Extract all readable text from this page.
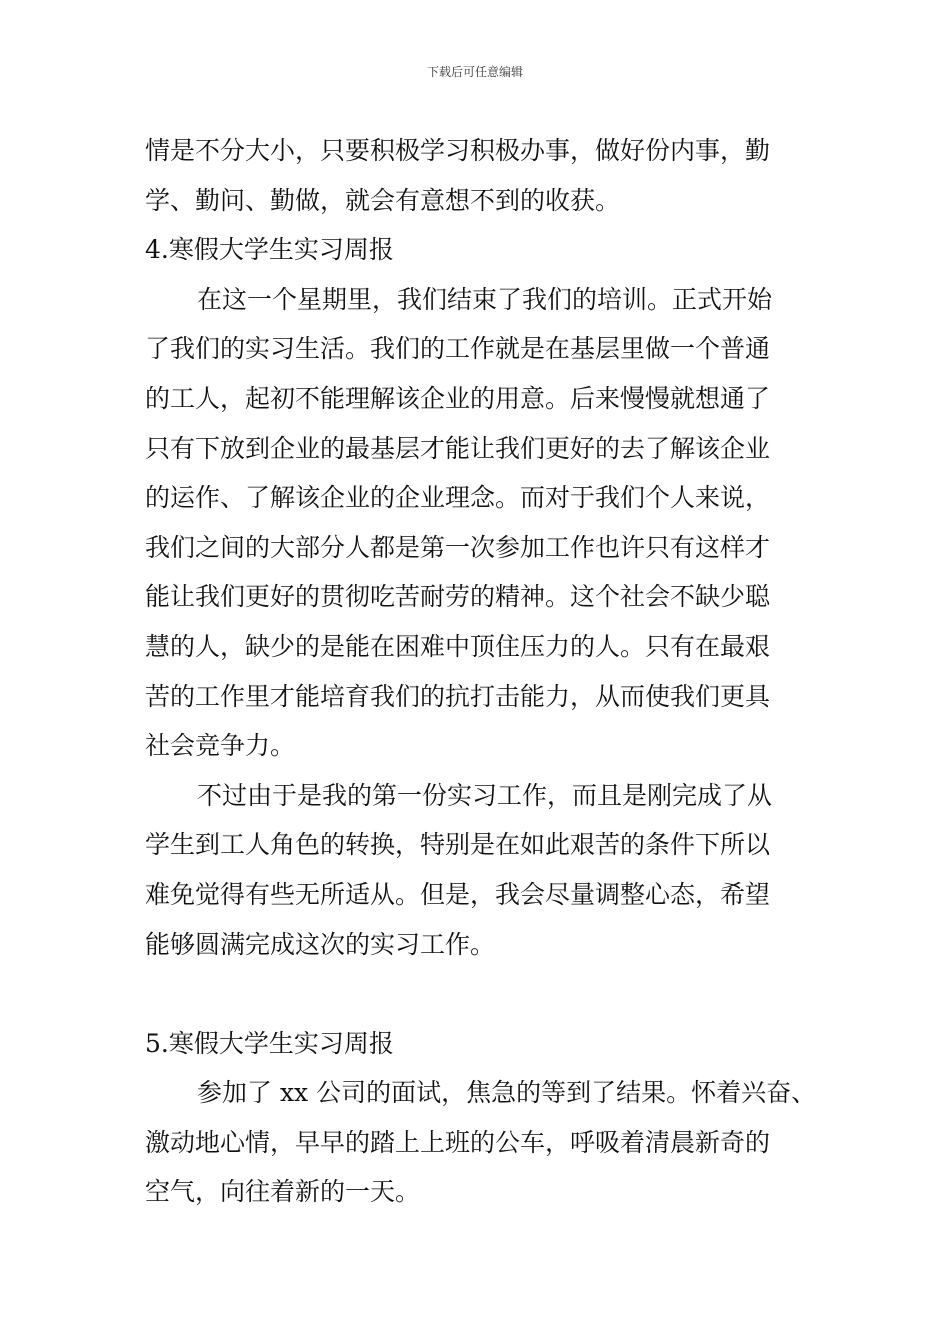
下载后可任意编辑
情是不分大小，只要积极学习积极办事，做好份内事，勤
学、勤问、勤做，就会有意想不到的收获。
4.寒假大学生实习周报
在这一个星期里，我们结束了我们的培训。正式开始
了我们的实习生活。我们的工作就是在基层里做一个普通
的工人，起初不能理解该企业的用意。后来慢慢就想通了
只有下放到企业的最基层才能让我们更好的去了解该企业
的运作、了解该企业的企业理念。而对于我们个人来说，
我们之间的大部分人都是第一次参加工作也许只有这样才
能让我们更好的贯彻吃苦耐劳的精神。这个社会不缺少聪
慧的人，缺少的是能在困难中顶住压力的人。只有在最艰
苦的工作里才能培育我们的抗打击能力，从而使我们更具
社会竞争力。
不过由于是我的第一份实习工作，而且是刚完成了从
学生到工人角色的转换，特别是在如此艰苦的条件下所以
难免觉得有些无所适从。但是，我会尽量调整心态，希望
能够圆满完成这次的实习工作。
5.寒假大学生实习周报
参加了 xx 公司的面试，焦急的等到了结果。怀着兴奋、
激动地心情，早早的踏上上班的公车，呼吸着清晨新奇的
空气，向往着新的一天。
